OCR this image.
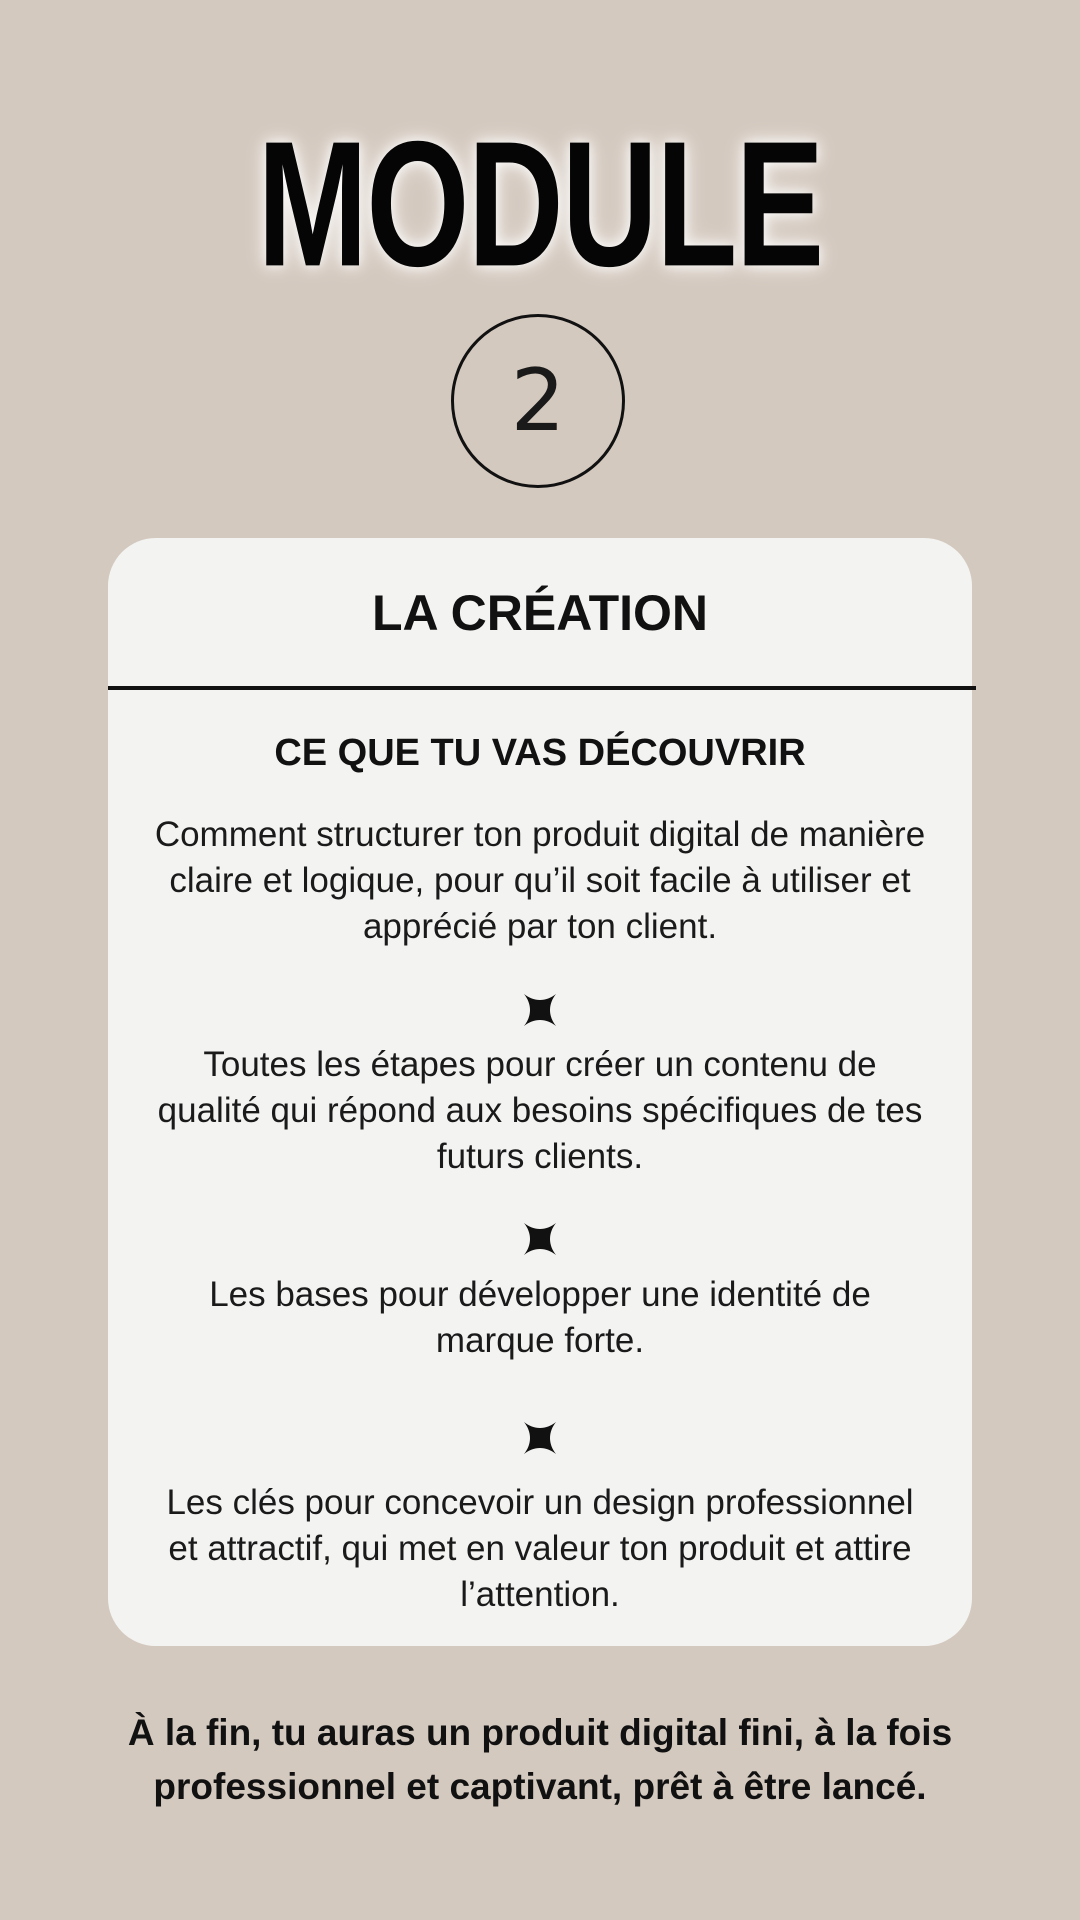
MODULE
2
LA CRÉATION
CE QUE TU VAS DÉCOUVRIR
Comment structurer ton produit digital de manière claire et logique, pour qu’il soit facile à utiliser et apprécié par ton client.
Toutes les étapes pour créer un contenu de qualité qui répond aux besoins spécifiques de tes futurs clients.
Les bases pour développer une identité de marque forte.
Les clés pour concevoir un design professionnel et attractif, qui met en valeur ton produit et attire l’attention.
À la fin, tu auras un produit digital fini, à la fois professionnel et captivant, prêt à être lancé.
